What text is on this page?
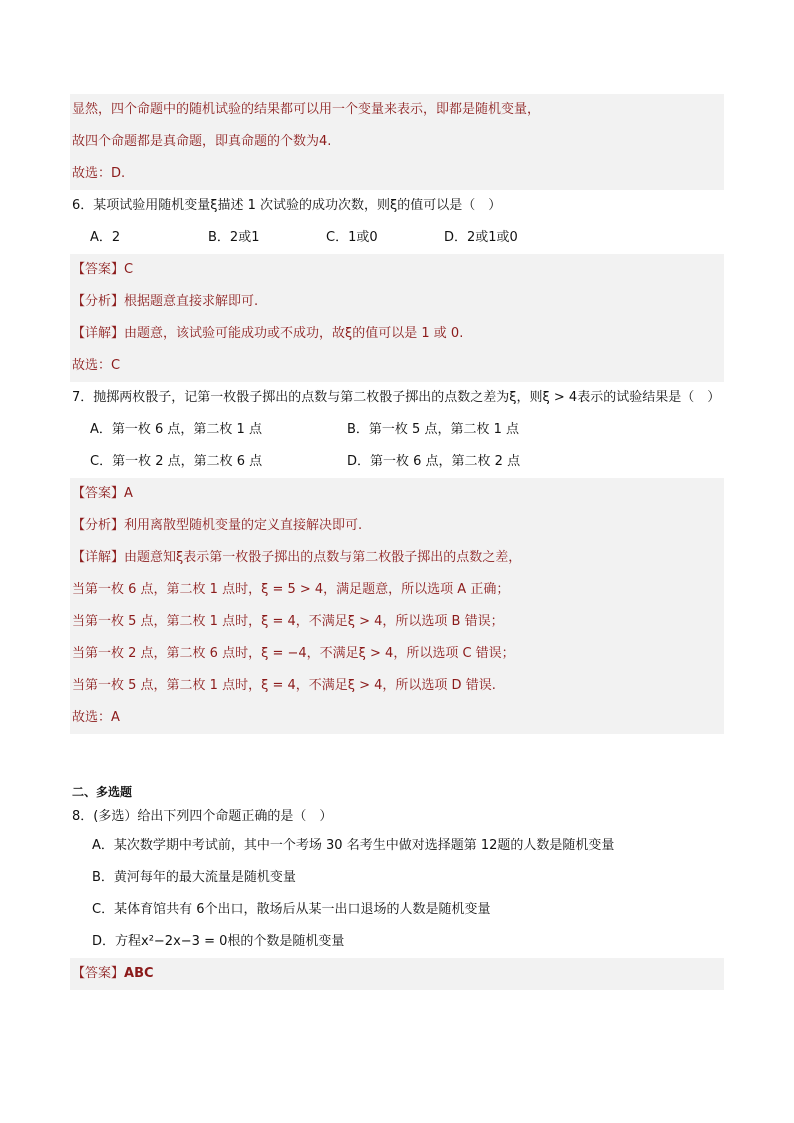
显然，四个命题中的随机试验的结果都可以用一个变量来表示，即都是随机变量，
故四个命题都是真命题，即真命题的个数为4.
故选：D.
6．某项试验用随机变量ξ描述 1 次试验的成功次数，则ξ的值可以是（　）
A．2	B．2或1	C．1或0	D．2或1或0
【答案】C
【分析】根据题意直接求解即可.
【详解】由题意，该试验可能成功或不成功，故ξ的值可以是 1 或 0.
故选：C
7．抛掷两枚骰子，记第一枚骰子掷出的点数与第二枚骰子掷出的点数之差为ξ，则ξ > 4表示的试验结果是（　）
A．第一枚 6 点，第二枚 1 点	B．第一枚 5 点，第二枚 1 点
C．第一枚 2 点，第二枚 6 点	D．第一枚 6 点，第二枚 2 点
【答案】A
【分析】利用离散型随机变量的定义直接解决即可.
【详解】由题意知ξ表示第一枚骰子掷出的点数与第二枚骰子掷出的点数之差，
当第一枚 6 点，第二枚 1 点时，ξ = 5 > 4，满足题意，所以选项 A 正确；
当第一枚 5 点，第二枚 1 点时，ξ = 4，不满足ξ > 4，所以选项 B 错误；
当第一枚 2 点，第二枚 6 点时，ξ = −4，不满足ξ > 4，所以选项 C 错误；
当第一枚 5 点，第二枚 1 点时，ξ = 4，不满足ξ > 4，所以选项 D 错误.
故选：A
二、多选题
8．(多选）给出下列四个命题正确的是（　）
A．某次数学期中考试前，其中一个考场 30 名考生中做对选择题第 12题的人数是随机变量
B．黄河每年的最大流量是随机变量
C．某体育馆共有 6个出口，散场后从某一出口退场的人数是随机变量
D．方程x²−2x−3 = 0根的个数是随机变量
【答案】ABC
